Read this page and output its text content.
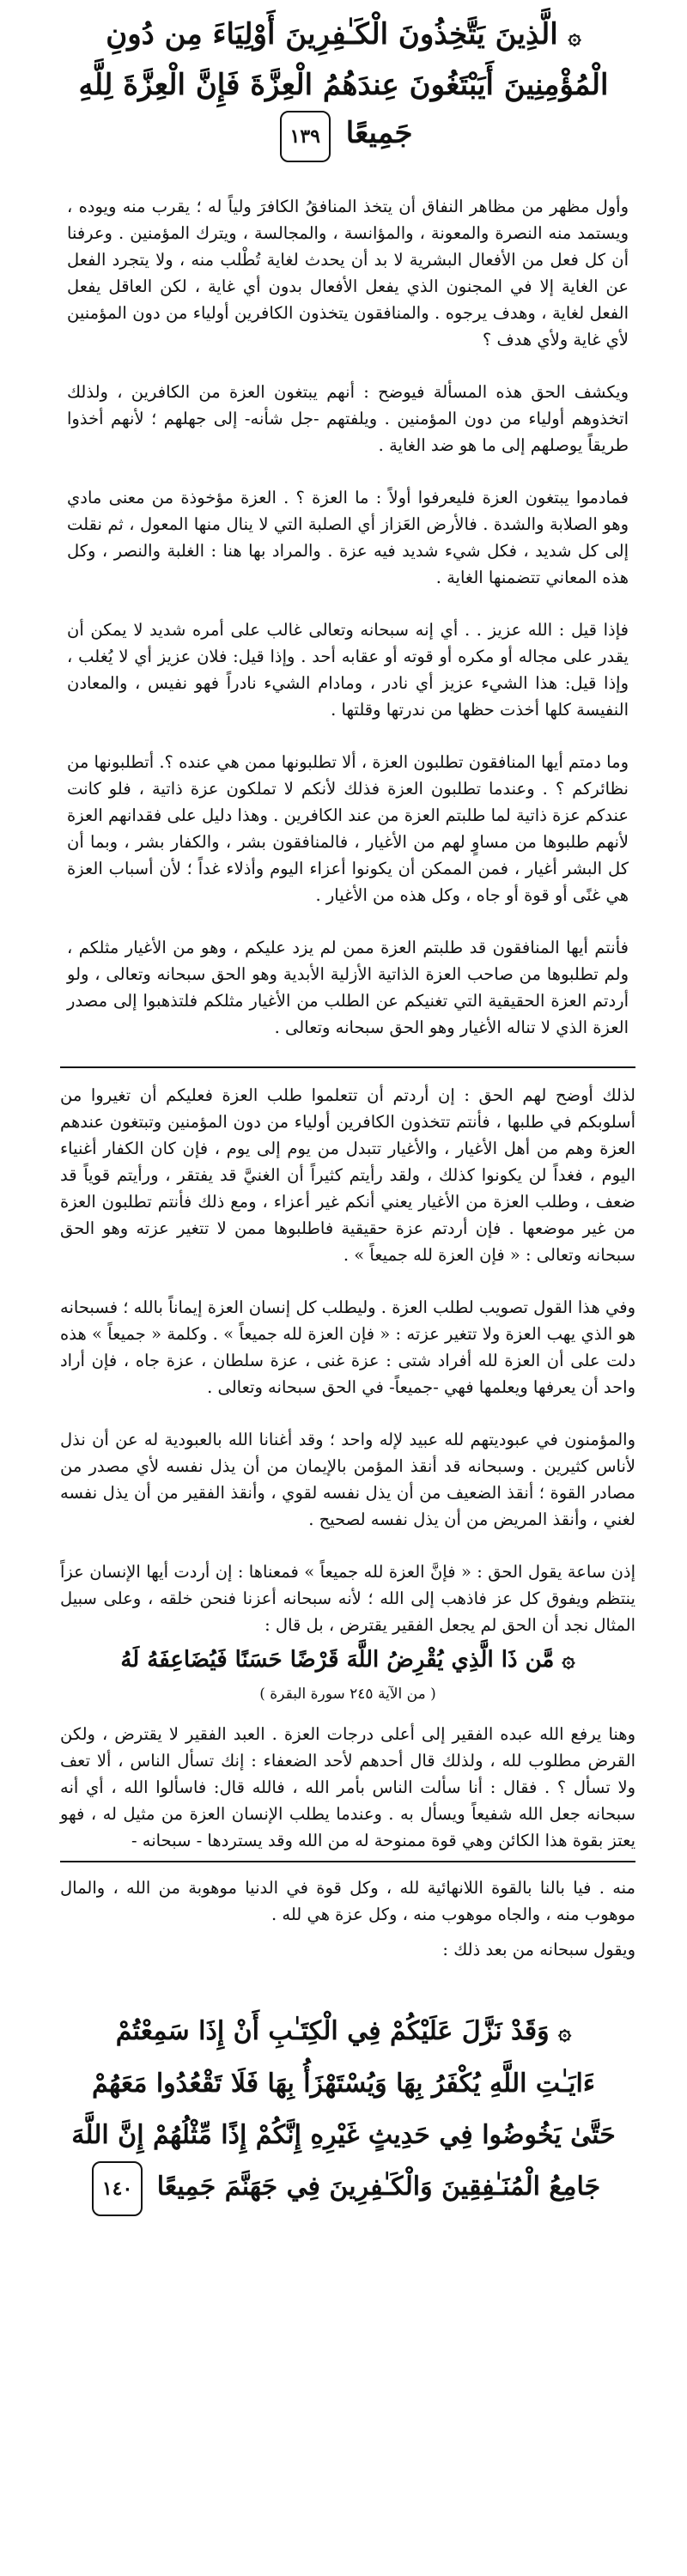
۞ الَّذِينَ يَتَّخِذُونَ الْكَـٰفِرِينَ أَوْلِيَاءَ مِن دُونِ
الْمُؤْمِنِينَ أَيَبْتَغُونَ عِندَهُمُ الْعِزَّةَ فَإِنَّ الْعِزَّةَ لِلَّهِ
جَمِيعًا ١٣٩

وأول مظهر من مظاهر النفاق أن يتخذ المنافقُ الكافرَ ولياً له ؛ يقرب منه ويوده ، ويستمد منه النصرة والمعونة ، والمؤانسة ، والمجالسة ، ويترك المؤمنين . وعرفنا أن كل فعل من الأفعال البشرية لا بد أن يحدث لغاية تُطْلب منه ، ولا يتجرد الفعل عن الغاية إلا في المجنون الذي يفعل الأفعال بدون أي غاية ، لكن العاقل يفعل الفعل لغاية ، وهدف يرجوه . والمنافقون يتخذون الكافرين أولياء من دون المؤمنين لأي غاية ولأي هدف ؟

ويكشف الحق هذه المسألة فيوضح : أنهم يبتغون العزة من الكافرين ، ولذلك اتخذوهم أولياء من دون المؤمنين . ويلفتهم -جل شأنه- إلى جهلهم ؛ لأنهم أخذوا طريقاً يوصلهم إلى ما هو ضد الغاية .

فمادموا يبتغون العزة فليعرفوا أولاً : ما العزة ؟ . العزة مؤخوذة من معنى مادي وهو الصلابة والشدة . فالأرض العَزاز أي الصلبة التي لا ينال منها المعول ، ثم نقلت إلى كل شديد ، فكل شيء شديد فيه عزة . والمراد بها هنا : الغلبة والنصر ، وكل هذه المعاني تتضمنها الغاية .

فإذا قيل : الله عزيز . . أي إنه سبحانه وتعالى غالب على أمره شديد لا يمكن أن يقدر على مجاله أو مكره أو قوته أو عقابه أحد . وإذا قيل: فلان عزيز أي لا يُغلب ، وإذا قيل: هذا الشيء عزيز أي نادر ، ومادام الشيء نادراً فهو نفيس ، والمعادن النفيسة كلها أخذت حظها من ندرتها وقلتها .

وما دمتم أيها المنافقون تطلبون العزة ، ألا تطلبونها ممن هي عنده ؟. أتطلبونها من نظائركم ؟ . وعندما تطلبون العزة فذلك لأنكم لا تملكون عزة ذاتية ، فلو كانت عندكم عزة ذاتية لما طلبتم العزة من عند الكافرين . وهذا دليل على فقدانهم العزة لأنهم طلبوها من مساوٍ لهم من الأغيار ، فالمنافقون بشر ، والكفار بشر ، وبما أن كل البشر أغيار ، فمن الممكن أن يكونوا أعزاء اليوم وأذلاء غداً ؛ لأن أسباب العزة هي غنًى أو قوة أو جاه ، وكل هذه من الأغيار .

فأنتم أيها المنافقون قد طلبتم العزة ممن لم يزد عليكم ، وهو من الأغيار مثلكم ، ولم تطلبوها من صاحب العزة الذاتية الأزلية الأبدية وهو الحق سبحانه وتعالى ، ولو أردتم العزة الحقيقية التي تغنيكم عن الطلب من الأغيار مثلكم فلتذهبوا إلى مصدر العزة الذي لا تناله الأغيار وهو الحق سبحانه وتعالى .

لذلك أوضح لهم الحق : إن أردتم أن تتعلموا طلب العزة فعليكم أن تغيروا من أسلوبكم في طلبها ، فأنتم تتخذون الكافرين أولياء من دون المؤمنين وتبتغون عندهم العزة وهم من أهل الأغيار ، والأغيار تتبدل من يوم إلى يوم ، فإن كان الكفار أغنياء اليوم ، فغداً لن يكونوا كذلك ، ولقد رأيتم كثيراً أن الغنيَّ قد يفتقر ، ورأيتم قوياً قد ضعف ، وطلب العزة من الأغيار يعني أنكم غير أعزاء ، ومع ذلك فأنتم تطلبون العزة من غير موضعها . فإن أردتم عزة حقيقية فاطلبوها ممن لا تتغير عزته وهو الحق سبحانه وتعالى : « فإن العزة لله جميعاً » .

وفي هذا القول تصويب لطلب العزة . وليطلب كل إنسان العزة إيماناً بالله ؛ فسبحانه هو الذي يهب العزة ولا تتغير عزته : « فإن العزة لله جميعاً » . وكلمة « جميعاً » هذه دلت على أن العزة لله أفراد شتى : عزة غنى ، عزة سلطان ، عزة جاه ، فإن أراد واحد أن يعرفها ويعلمها فهي -جميعاً- في الحق سبحانه وتعالى .

والمؤمنون في عبوديتهم لله عبيد لإله واحد ؛ وقد أغنانا الله بالعبودية له عن أن نذل لأناس كثيرين . وسبحانه قد أنقذ المؤمن بالإيمان من أن يذل نفسه لأي مصدر من مصادر القوة ؛ أنقذ الضعيف من أن يذل نفسه لقوي ، وأنقذ الفقير من أن يذل نفسه لغني ، وأنقذ المريض من أن يذل نفسه لصحيح .

إذن ساعة يقول الحق : « فإنَّ العزة لله جميعاً » فمعناها : إن أردت أيها الإنسان عزاً ينتظم ويفوق كل عز فاذهب إلى الله ؛ لأنه سبحانه أعزنا فنحن خلقه ، وعلى سبيل المثال نجد أن الحق لم يجعل الفقير يقترض ، بل قال :

۞ مَّن ذَا الَّذِي يُقْرِضُ اللَّهَ قَرْضًا حَسَنًا فَيُضَاعِفَهُ لَهُ
( من الآية ٢٤٥ سورة البقرة )

وهنا يرفع الله عبده الفقير إلى أعلى درجات العزة . العبد الفقير لا يقترض ، ولكن القرض مطلوب لله ، ولذلك قال أحدهم لأحد الضعفاء : إنك تسأل الناس ، ألا تعف ولا تسأل ؟ . فقال : أنا سألت الناس بأمر الله ، فالله قال: فاسألوا الله ، أي أنه سبحانه جعل الله شفيعاً ويسأل به . وعندما يطلب الإنسان العزة من مثيل له ، فهو يعتز بقوة هذا الكائن وهي قوة ممنوحة له من الله وقد يستردها - سبحانه -

منه . فيا بالنا بالقوة اللانهائية لله ، وكل قوة في الدنيا موهوبة من الله ، والمال موهوب منه ، والجاه موهوب منه ، وكل عزة هي لله .

ويقول سبحانه من بعد ذلك :

۞ وَقَدْ نَزَّلَ عَلَيْكُمْ فِي الْكِتَـٰبِ أَنْ إِذَا سَمِعْتُمْ
ءَايَـٰتِ اللَّهِ يُكْفَرُ بِهَا وَيُسْتَهْزَأُ بِهَا فَلَا تَقْعُدُوا مَعَهُمْ
حَتَّىٰ يَخُوضُوا فِي حَدِيثٍ غَيْرِهِ إِنَّكُمْ إِذًا مِّثْلُهُمْ إِنَّ اللَّهَ
جَامِعُ الْمُنَـٰفِقِينَ وَالْكَـٰفِرِينَ فِي جَهَنَّمَ جَمِيعًا ١٤٠
